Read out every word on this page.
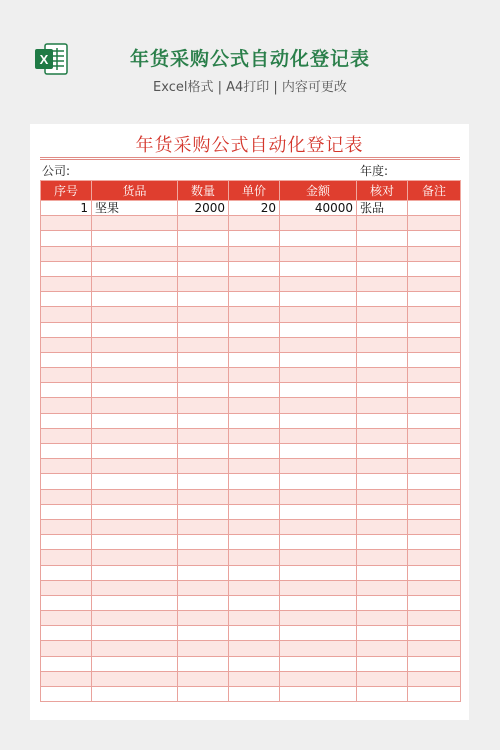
X	年货采购公式自动化登记表
Excel格式 | A4打印 | 内容可更改
年货采购公式自动化登记表
公司:	年度:
序号	货品	数量	单价	金额	核对	备注
1	坚果	2000	20	40000	张品	
